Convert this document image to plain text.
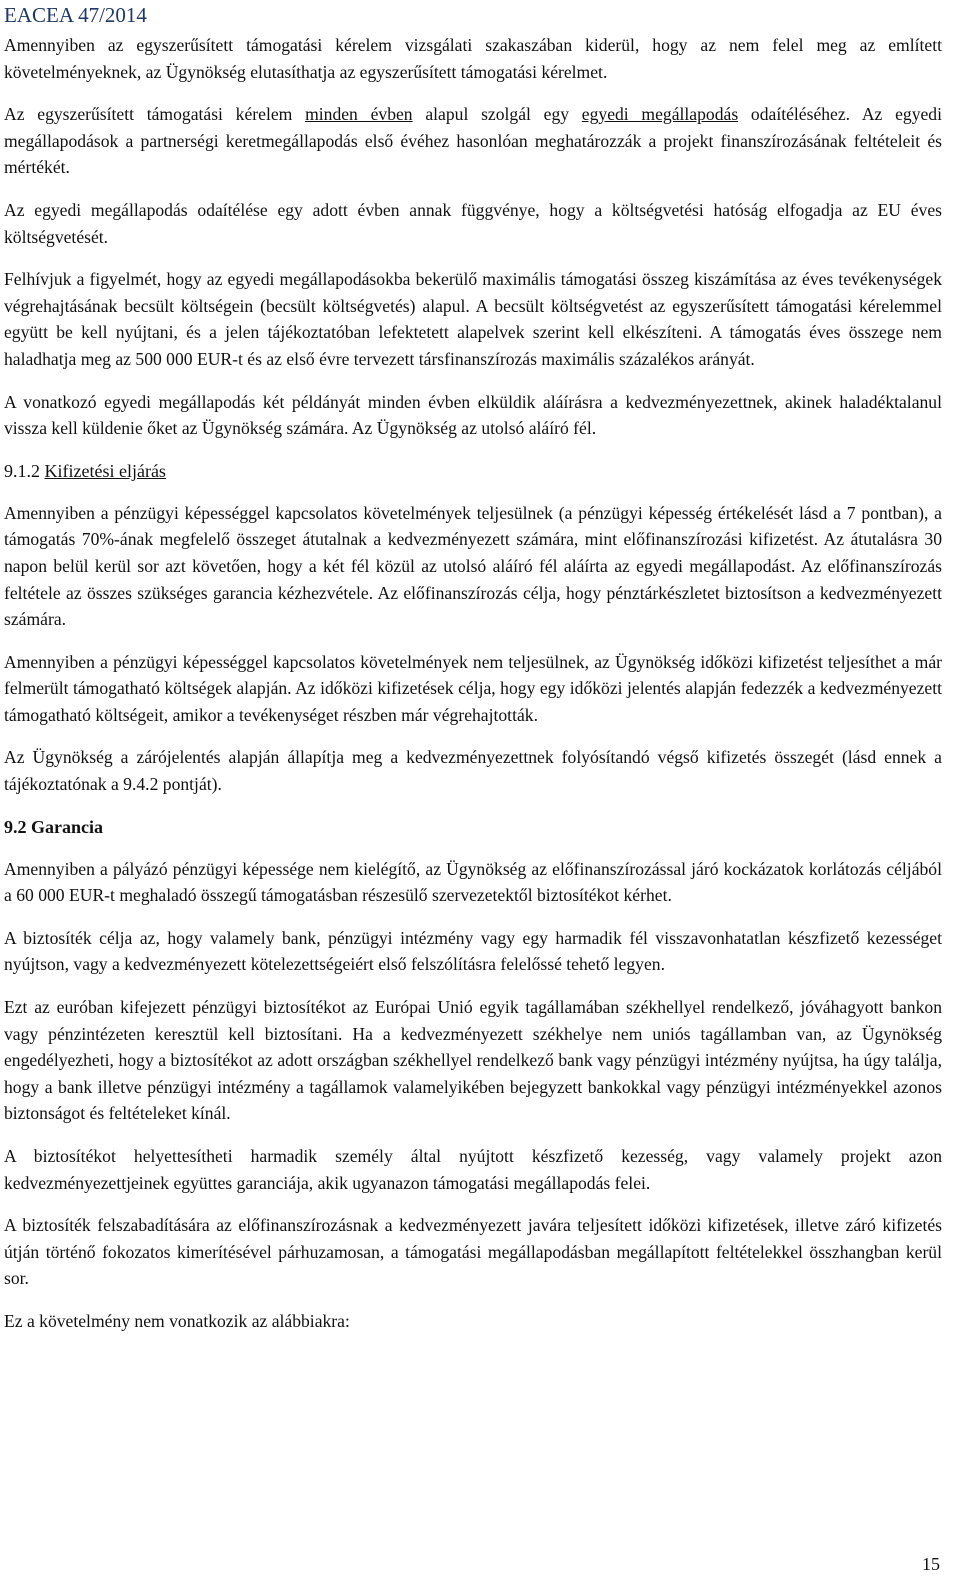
EACEA 47/2014

Amennyiben az egyszerűsített támogatási kérelem vizsgálati szakaszában kiderül, hogy az nem felel meg az említett követelményeknek, az Ügynökség elutasíthatja az egyszerűsített támogatási kérelmet.

Az egyszerűsített támogatási kérelem minden évben alapul szolgál egy egyedi megállapodás odaítéléséhez. Az egyedi megállapodások a partnerségi keretmegállapodás első évéhez hasonlóan meghatározzák a projekt finanszírozásának feltételeit és mértékét.

Az egyedi megállapodás odaítélése egy adott évben annak függvénye, hogy a költségvetési hatóság elfogadja az EU éves költségvetését.

Felhívjuk a figyelmét, hogy az egyedi megállapodásokba bekerülő maximális támogatási összeg kiszámítása az éves tevékenységek végrehajtásának becsült költségein (becsült költségvetés) alapul. A becsült költségvetést az egyszerűsített támogatási kérelemmel együtt be kell nyújtani, és a jelen tájékoztatóban lefektetett alapelvek szerint kell elkészíteni. A támogatás éves összege nem haladhatja meg az 500 000 EUR-t és az első évre tervezett társfinanszírozás maximális százalékos arányát.

A vonatkozó egyedi megállapodás két példányát minden évben elküldik aláírásra a kedvezményezettnek, akinek haladéktalanul vissza kell küldenie őket az Ügynökség számára. Az Ügynökség az utolsó aláíró fél.

9.1.2 Kifizetési eljárás

Amennyiben a pénzügyi képességgel kapcsolatos követelmények teljesülnek (a pénzügyi képesség értékelését lásd a 7 pontban), a támogatás 70%-ának megfelelő összeget átutalnak a kedvezményezett számára, mint előfinanszírozási kifizetést. Az átutalásra 30 napon belül kerül sor azt követően, hogy a két fél közül az utolsó aláíró fél aláírta az egyedi megállapodást. Az előfinanszírozás feltétele az összes szükséges garancia kézhezvétele. Az előfinanszírozás célja, hogy pénztárkészletet biztosítson a kedvezményezett számára.

Amennyiben a pénzügyi képességgel kapcsolatos követelmények nem teljesülnek, az Ügynökség időközi kifizetést teljesíthet a már felmerült támogatható költségek alapján. Az időközi kifizetések célja, hogy egy időközi jelentés alapján fedezzék a kedvezményezett támogatható költségeit, amikor a tevékenységet részben már végrehajtották.

Az Ügynökség a zárójelentés alapján állapítja meg a kedvezményezettnek folyósítandó végső kifizetés összegét (lásd ennek a tájékoztatónak a 9.4.2 pontját).

9.2 Garancia

Amennyiben a pályázó pénzügyi képessége nem kielégítő, az Ügynökség az előfinanszírozással járó kockázatok korlátozás céljából a 60 000 EUR-t meghaladó összegű támogatásban részesülő szervezetektől biztosítékot kérhet.

A biztosíték célja az, hogy valamely bank, pénzügyi intézmény vagy egy harmadik fél visszavonhatatlan készfizető kezességet nyújtson, vagy a kedvezményezett kötelezettségeiért első felszólításra felelőssé tehető legyen.

Ezt az euróban kifejezett pénzügyi biztosítékot az Európai Unió egyik tagállamában székhellyel rendelkező, jóváhagyott bankon vagy pénzintézeten keresztül kell biztosítani. Ha a kedvezményezett székhelye nem uniós tagállamban van, az Ügynökség engedélyezheti, hogy a biztosítékot az adott országban székhellyel rendelkező bank vagy pénzügyi intézmény nyújtsa, ha úgy találja, hogy a bank illetve pénzügyi intézmény a tagállamok valamelyikében bejegyzett bankokkal vagy pénzügyi intézményekkel azonos biztonságot és feltételeket kínál.

A biztosítékot helyettesítheti harmadik személy által nyújtott készfizető kezesség, vagy valamely projekt azon kedvezményezettjeinek együttes garanciája, akik ugyanazon támogatási megállapodás felei.

A biztosíték felszabadítására az előfinanszírozásnak a kedvezményezett javára teljesített időközi kifizetések, illetve záró kifizetés útján történő fokozatos kimerítésével párhuzamosan, a támogatási megállapodásban megállapított feltételekkel összhangban kerül sor.

Ez a követelmény nem vonatkozik az alábbiakra:

15
